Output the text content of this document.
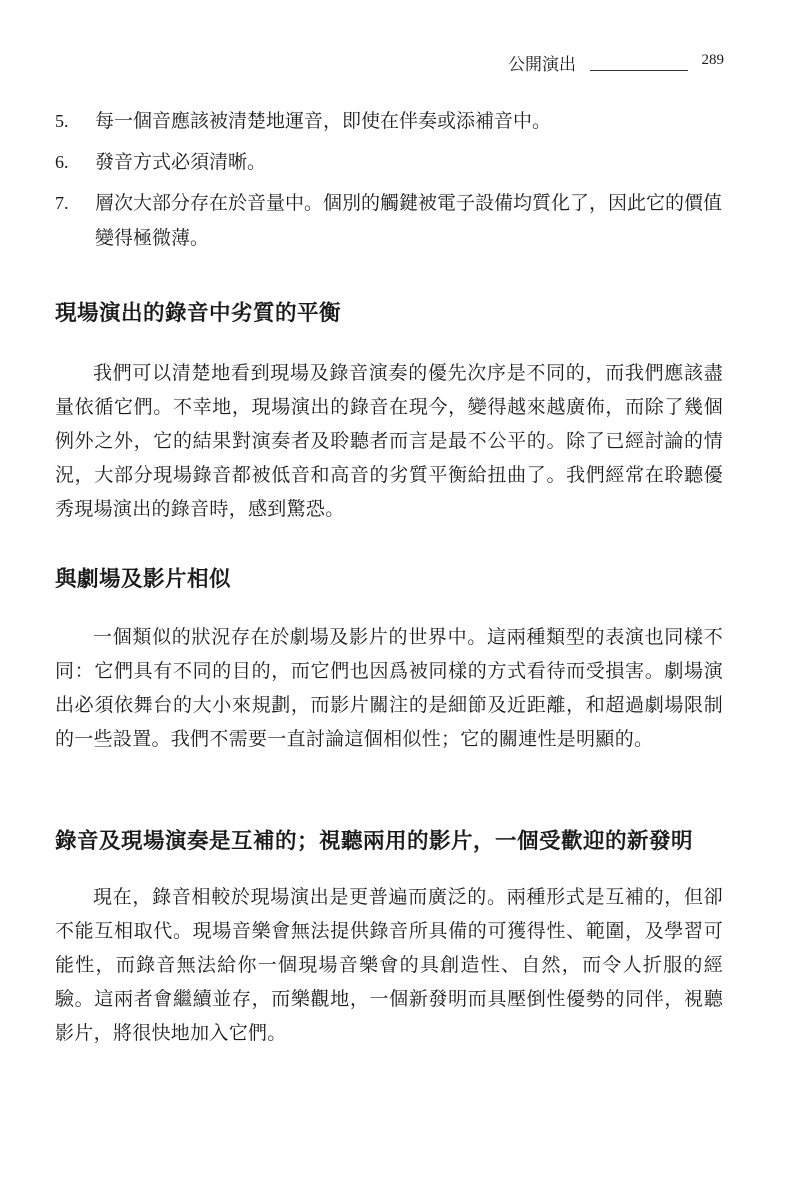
公開演出	289
5. 每一個音應該被清楚地運音，即使在伴奏或添補音中。
6. 發音方式必須清晰。
7. 層次大部分存在於音量中。個別的觸鍵被電子設備均質化了，因此它的價值變得極微薄。
現場演出的錄音中劣質的平衡

我們可以清楚地看到現場及錄音演奏的優先次序是不同的，而我們應該盡量依循它們。不幸地，現場演出的錄音在現今，變得越來越廣佈，而除了幾個例外之外，它的結果對演奏者及聆聽者而言是最不公平的。除了已經討論的情況，大部分現場錄音都被低音和高音的劣質平衡給扭曲了。我們經常在聆聽優秀現場演出的錄音時，感到驚恐。

與劇場及影片相似

一個類似的狀況存在於劇場及影片的世界中。這兩種類型的表演也同樣不同：它們具有不同的目的，而它們也因爲被同樣的方式看待而受損害。劇場演出必須依舞台的大小來規劃，而影片關注的是細節及近距離，和超過劇場限制的一些設置。我們不需要一直討論這個相似性；它的關連性是明顯的。

錄音及現場演奏是互補的；視聽兩用的影片，一個受歡迎的新發明

現在，錄音相較於現場演出是更普遍而廣泛的。兩種形式是互補的，但卻不能互相取代。現場音樂會無法提供錄音所具備的可獲得性、範圍，及學習可能性，而錄音無法給你一個現場音樂會的具創造性、自然，而令人折服的經驗。這兩者會繼續並存，而樂觀地，一個新發明而具壓倒性優勢的同伴，視聽影片，將很快地加入它們。
